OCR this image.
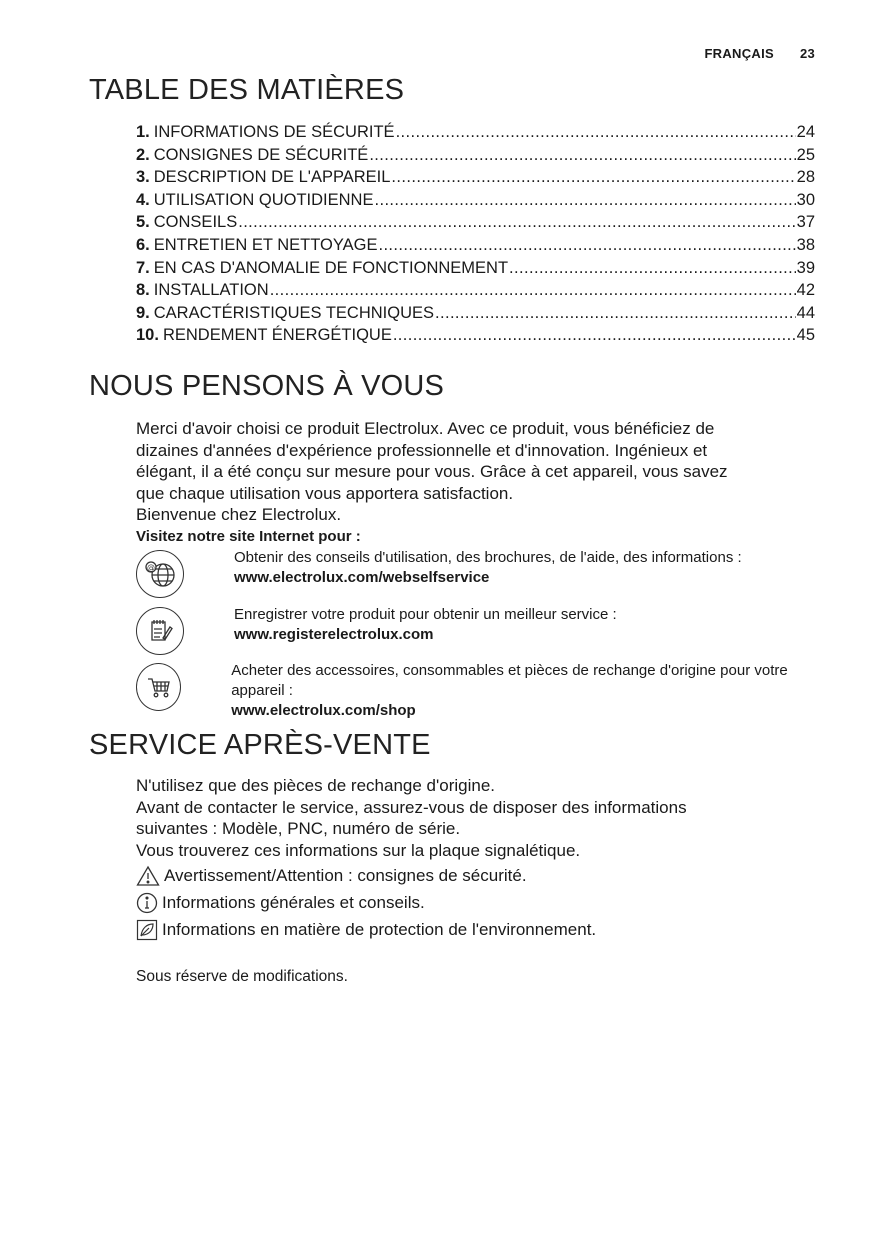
FRANÇAIS 23
TABLE DES MATIÈRES
1. INFORMATIONS DE SÉCURITÉ .....	24
2. CONSIGNES DE SÉCURITÉ .....	25
3. DESCRIPTION DE L'APPAREIL .....	28
4. UTILISATION QUOTIDIENNE .....	30
5. CONSEILS .....	37
6. ENTRETIEN ET NETTOYAGE .....	38
7. EN CAS D'ANOMALIE DE FONCTIONNEMENT .....	39
8. INSTALLATION .....	42
9. CARACTÉRISTIQUES TECHNIQUES .....	44
10. RENDEMENT ÉNERGÉTIQUE .....	45
NOUS PENSONS À VOUS

Merci d'avoir choisi ce produit Electrolux. Avec ce produit, vous bénéficiez de

dizaines d'années d'expérience professionnelle et d'innovation. Ingénieux et

élégant, il a été conçu sur mesure pour vous. Grâce à cet appareil, vous savez

que chaque utilisation vous apportera satisfaction.

Bienvenue chez Electrolux.

Visitez notre site Internet pour :

@
Obtenir des conseils d'utilisation, des brochures, de l'aide, des informations :
www.electrolux.com/webselfservice
Enregistrer votre produit pour obtenir un meilleur service :
www.registerelectrolux.com
Acheter des accessoires, consommables et pièces de rechange d'origine pour votre appareil :
www.electrolux.com/shop
SERVICE APRÈS-VENTE

N'utilisez que des pièces de rechange d'origine.

Avant de contacter le service, assurez-vous de disposer des informations

suivantes : Modèle, PNC, numéro de série.

Vous trouverez ces informations sur la plaque signalétique.

Avertissement/Attention : consignes de sécurité.
Informations générales et conseils.
Informations en matière de protection de l'environnement.
Sous réserve de modifications.
